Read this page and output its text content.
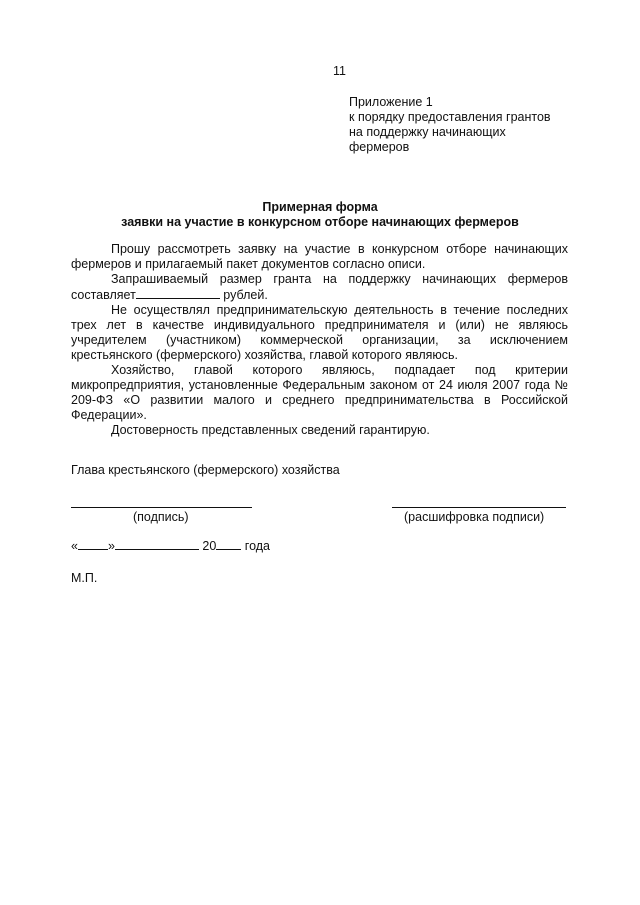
11
Приложение 1
к порядку предоставления грантов
на поддержку начинающих
фермеров
Примерная форма
заявки на участие в конкурсном отборе начинающих фермеров

Прошу рассмотреть заявку на участие в конкурсном отборе начинающих фермеров и прилагаемый пакет документов согласно описи.

Запрашиваемый размер гранта на поддержку начинающих фермеров составляет	рублей.

Не осуществлял предпринимательскую деятельность в течение последних трех лет в качестве индивидуального предпринимателя и (или) не являюсь учредителем (участником) коммерческой организации, за исключением крестьянского (фермерского) хозяйства, главой которого являюсь.

Хозяйство, главой которого являюсь, подпадает под критерии микропредприятия, установленные Федеральным законом от 24 июля 2007 года № 209-ФЗ «О развитии малого и среднего предпринимательства в Российской Федерации».

Достоверность представленных сведений гарантирую.

Глава крестьянского (фермерского) хозяйства
(подпись)	(расшифровка подписи)
« »	20 года
М.П.
